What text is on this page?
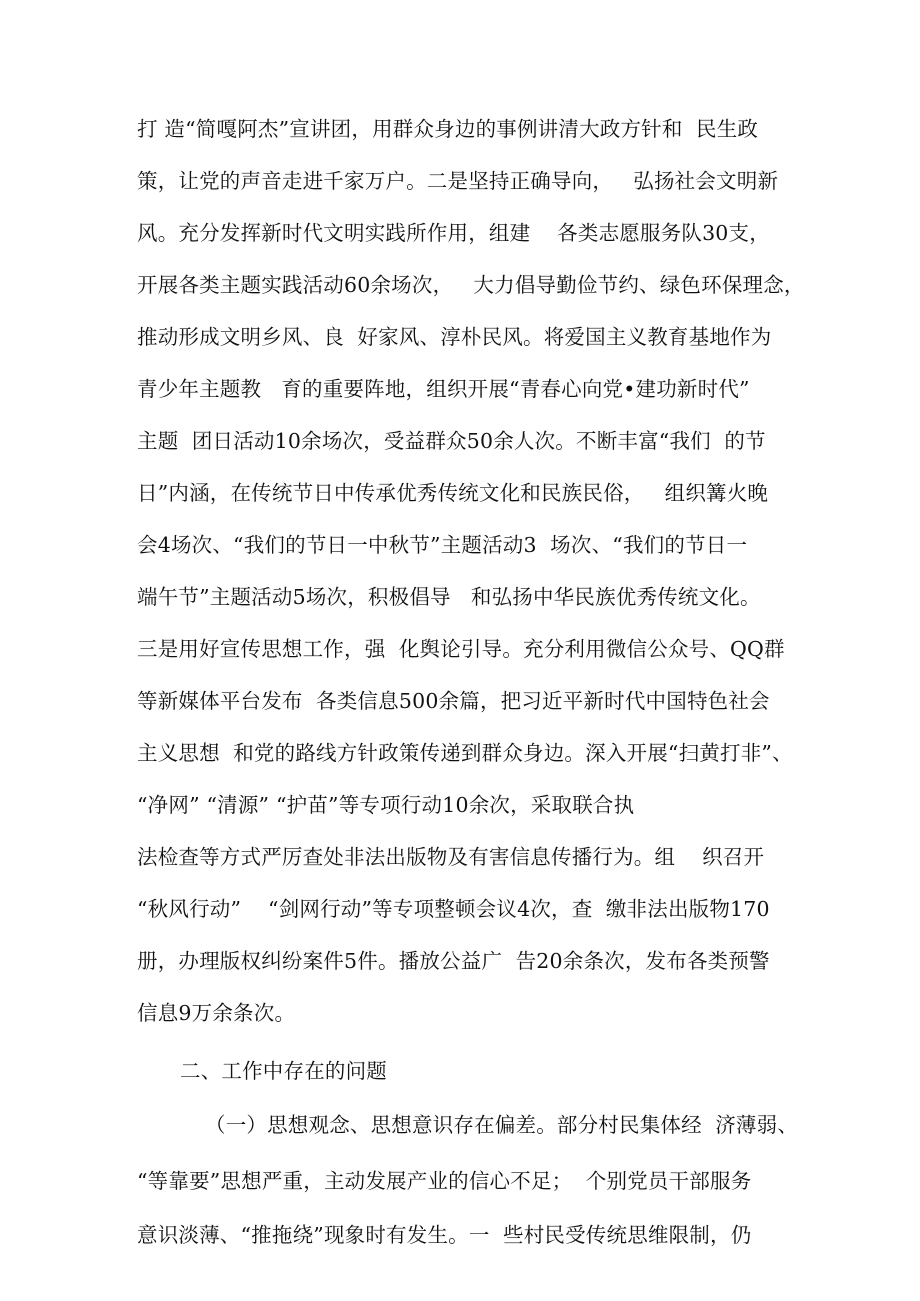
打 造“简嘎阿杰”宣讲团，用群众身边的事例讲清大政方针和  民生政
策，让党的声音走进千家万户。二是坚持正确导向，   弘扬社会文明新
风。充分发挥新时代文明实践所作用，组建    各类志愿服务队30支，
开展各类主题实践活动60余场次，   大力倡导勤俭节约、绿色环保理念，
推动形成文明乡风、良  好家风、淳朴民风。将爱国主义教育基地作为
青少年主题教   育的重要阵地，组织开展“青春心向党•建功新时代”
主题  团日活动10余场次，受益群众50余人次。不断丰富“我们  的节
日”内涵，在传统节日中传承优秀传统文化和民族民俗，   组织篝火晚
会4场次、“我们的节日一中秋节”主题活动3  场次、“我们的节日一
端午节”主题活动5场次，积极倡导   和弘扬中华民族优秀传统文化。
三是用好宣传思想工作，强  化舆论引导。充分利用微信公众号、QQ群
等新媒体平台发布  各类信息500余篇，把习近平新时代中国特色社会
主义思想  和党的路线方针政策传递到群众身边。深入开展“扫黄打非”、
“净网” “清源” “护苗”等专项行动10余次，采取联合执
法检查等方式严厉查处非法出版物及有害信息传播行为。组    织召开
“秋风行动”    “剑网行动”等专项整顿会议4次，查  缴非法出版物170
册，办理版权纠纷案件5件。播放公益广  告20余条次，发布各类预警
信息9万余条次。
二、工作中存在的问题
（一）思想观念、思想意识存在偏差。部分村民集体经  济薄弱、
“等靠要”思想严重，主动发展产业的信心不足；  个别党员干部服务
意识淡薄、“推拖绕”现象时有发生。一  些村民受传统思维限制，仍
